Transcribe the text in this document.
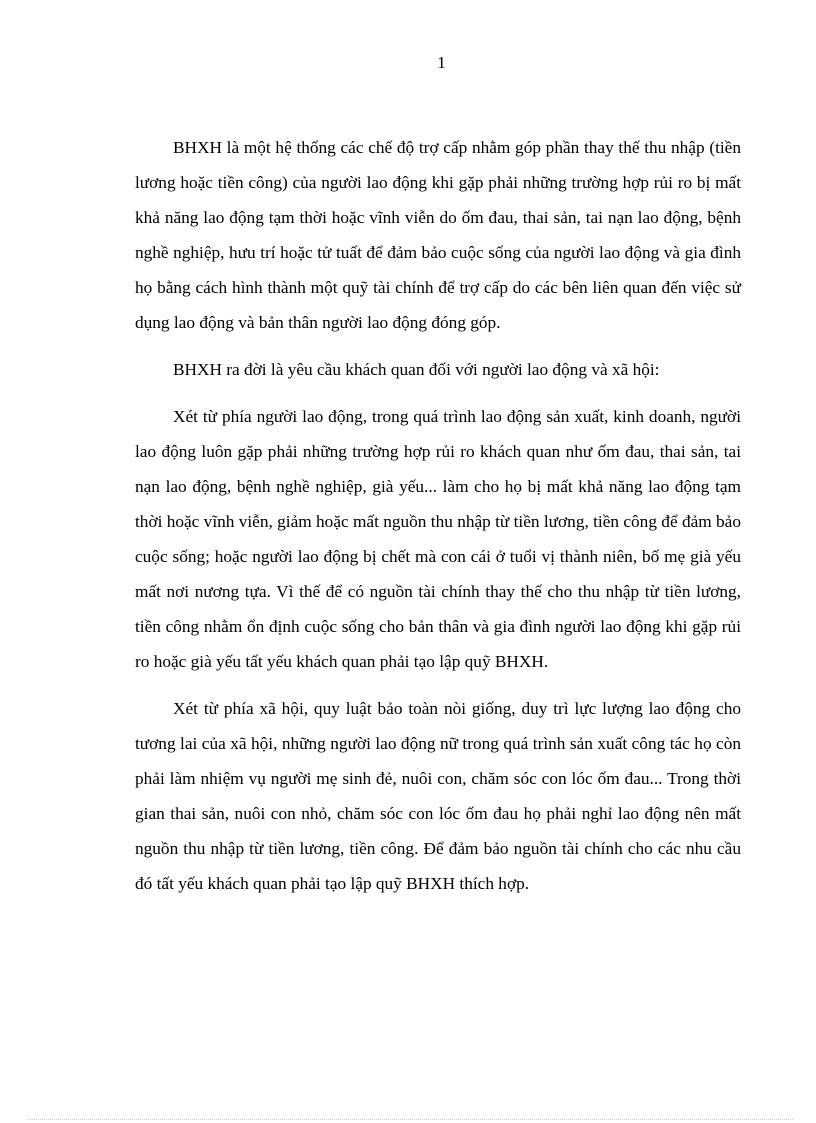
1

BHXH là một hệ thống các chế độ trợ cấp nhằm góp phần thay thế thu nhập (tiền lương hoặc tiền công) của người lao động khi gặp phải những trường hợp rủi ro bị mất khả năng lao động tạm thời hoặc vĩnh viễn do ốm đau, thai sản, tai nạn lao động, bệnh nghề nghiệp, hưu trí hoặc tử tuất để đảm bảo cuộc sống của người lao động và gia đình họ bằng cách hình thành một quỹ tài chính để trợ cấp do các bên liên quan đến việc sử dụng lao động và bản thân người lao động đóng góp.

BHXH ra đời là yêu cầu khách quan đối với người lao động và xã hội:

Xét từ phía người lao động, trong quá trình lao động sản xuất, kinh doanh, người lao động luôn gặp phải những trường hợp rủi ro khách quan như ốm đau, thai sản, tai nạn lao động, bệnh nghề nghiệp, già yếu... làm cho họ bị mất khả năng lao động tạm thời hoặc vĩnh viễn, giảm hoặc mất nguồn thu nhập từ tiền lương, tiền công để đảm bảo cuộc sống; hoặc người lao động bị chết mà con cái ở tuổi vị thành niên, bố mẹ già yếu mất nơi nương tựa. Vì thế để có nguồn tài chính thay thế cho thu nhập từ tiền lương, tiền công nhằm ổn định cuộc sống cho bản thân và gia đình người lao động khi gặp rủi ro hoặc già yếu tất yếu khách quan phải tạo lập quỹ BHXH.

Xét từ phía xã hội, quy luật bảo toàn nòi giống, duy trì lực lượng lao động cho tương lai của xã hội, những người lao động nữ trong quá trình sản xuất công tác họ còn phải làm nhiệm vụ người mẹ sinh đẻ, nuôi con, chăm sóc con lóc ốm đau... Trong thời gian thai sản, nuôi con nhỏ, chăm sóc con lóc ốm đau họ phải nghỉ lao động nên mất nguồn thu nhập từ tiền lương, tiền công. Để đảm bảo nguồn tài chính cho các nhu cầu đó tất yếu khách quan phải tạo lập quỹ BHXH thích hợp.
